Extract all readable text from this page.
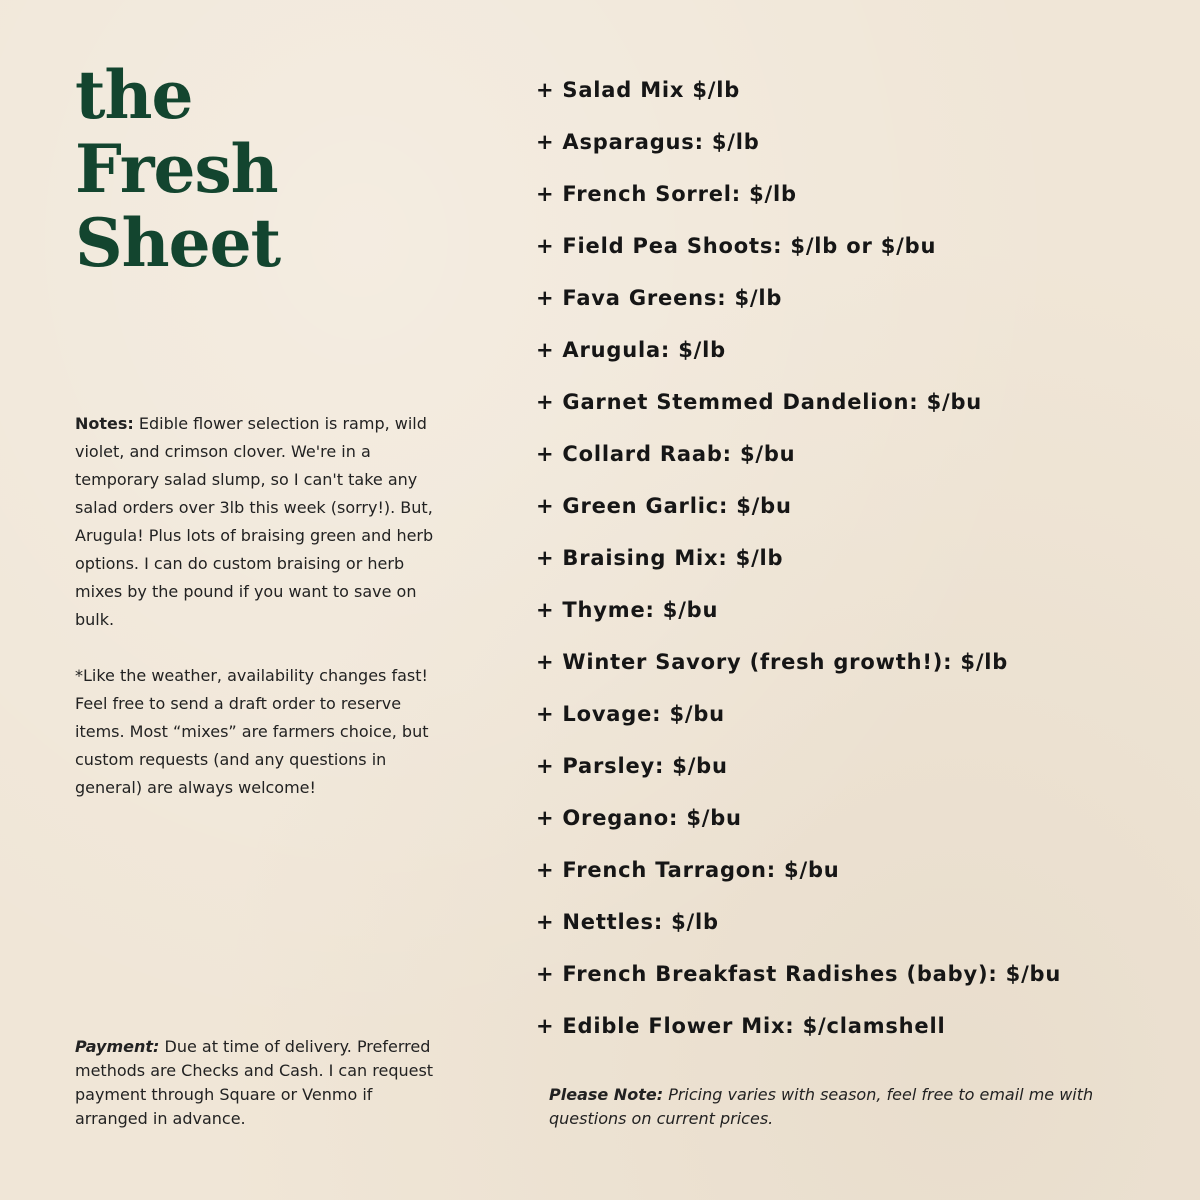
the
Fresh
Sheet

Notes: Edible flower selection is ramp, wild violet, and crimson clover. We're in a temporary salad slump, so I can't take any salad orders over 3lb this week (sorry!). But, Arugula! Plus lots of braising green and herb options. I can do custom braising or herb mixes by the pound if you want to save on bulk.

*Like the weather, availability changes fast! Feel free to send a draft order to reserve items. Most “mixes” are farmers choice, but custom requests (and any questions in general) are always welcome!

Payment: Due at time of delivery. Preferred methods are Checks and Cash. I can request payment through Square or Venmo if arranged in advance.
+ Salad Mix $/lb
+ Asparagus: $/lb
+ French Sorrel: $/lb
+ Field Pea Shoots: $/lb or $/bu
+ Fava Greens: $/lb
+ Arugula: $/lb
+ Garnet Stemmed Dandelion: $/bu
+ Collard Raab: $/bu
+ Green Garlic: $/bu
+ Braising Mix: $/lb
+ Thyme: $/bu
+ Winter Savory (fresh growth!): $/lb
+ Lovage: $/bu
+ Parsley: $/bu
+ Oregano: $/bu
+ French Tarragon: $/bu
+ Nettles: $/lb
+ French Breakfast Radishes (baby): $/bu
+ Edible Flower Mix: $/clamshell
Please Note: Pricing varies with season, feel free to email me with questions on current prices.
